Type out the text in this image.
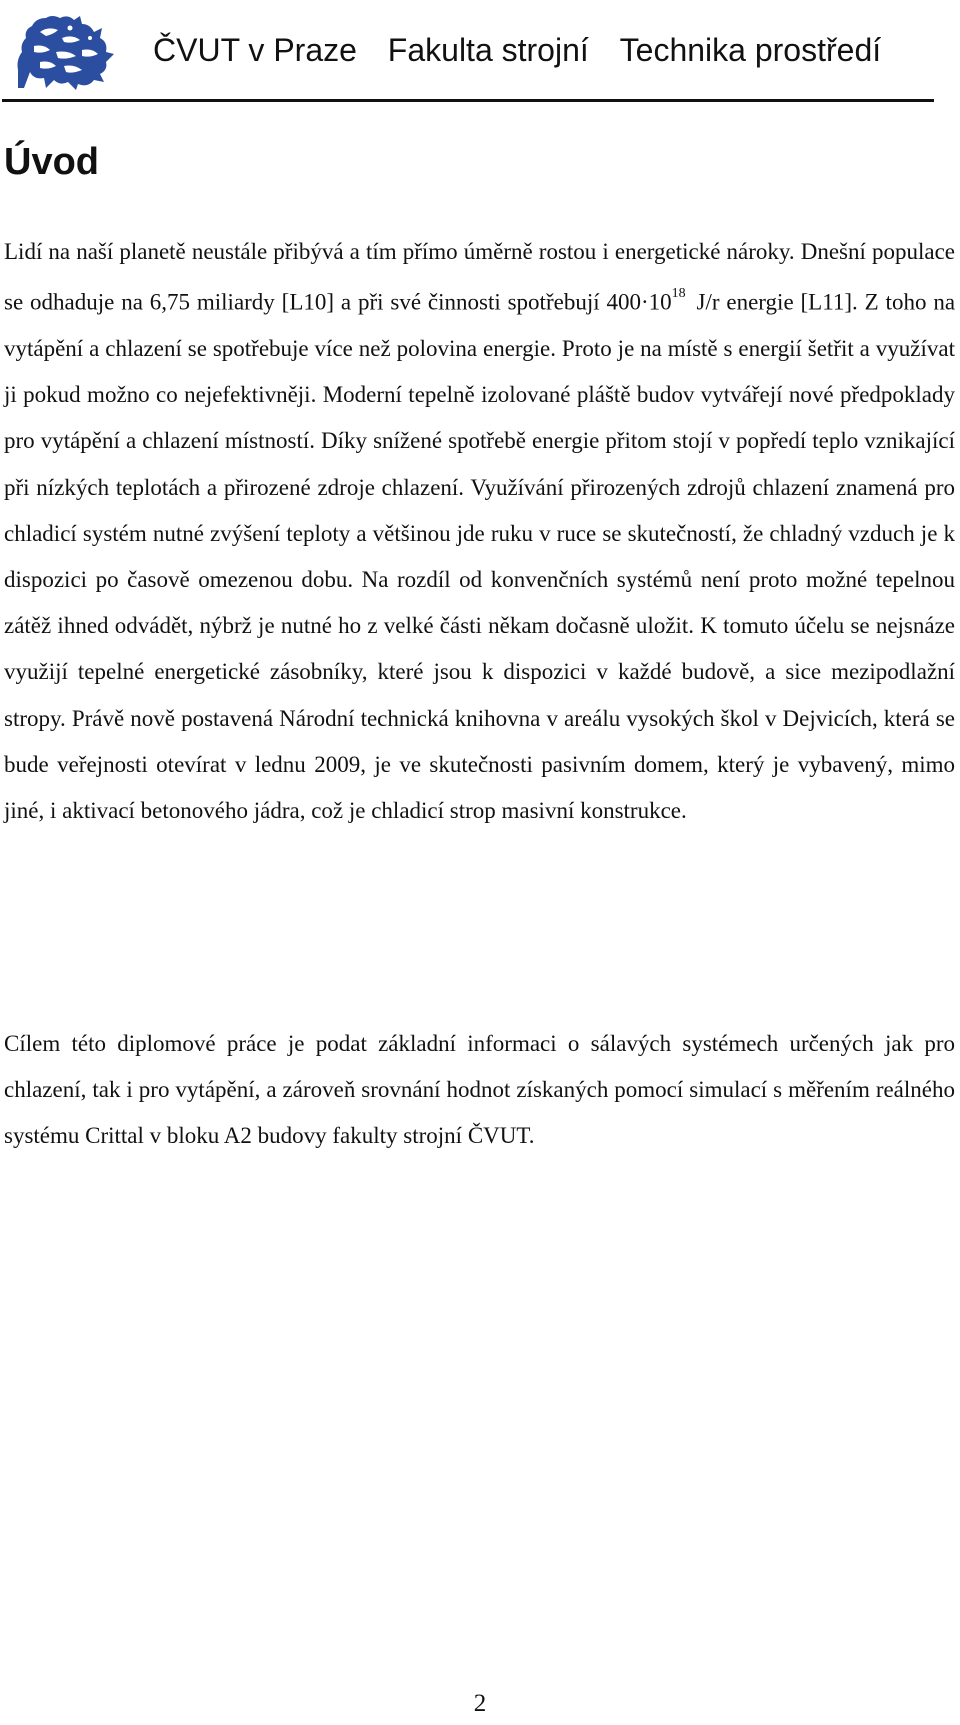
ČVUT v Praze Fakulta strojní Technika prostředí
Úvod

Lidí na naší planetě neustále přibývá a tím přímo úměrně rostou i energetické nároky. Dnešní populace se odhaduje na 6,75 miliardy [L10] a při své činnosti spotřebují $400\cdot 10^{18}$ J/r energie [L11]. Z toho na vytápění a chlazení se spotřebuje více než polovina energie. Proto je na místě s energií šetřit a využívat ji pokud možno co nejefektivněji. Moderní tepelně izolované pláště budov vytvářejí nové předpoklady pro vytápění a chlazení místností. Díky snížené spotřebě energie přitom stojí v popředí teplo vznikající při nízkých teplotách a přirozené zdroje chlazení. Využívání přirozených zdrojů chlazení znamená pro chladicí systém nutné zvýšení teploty a většinou jde ruku v ruce se skutečností, že chladný vzduch je k dispozici po časově omezenou dobu. Na rozdíl od konvenčních systémů není proto možné tepelnou zátěž ihned odvádět, nýbrž je nutné ho z velké části někam dočasně uložit. K tomuto účelu se nejsnáze využijí tepelné energetické zásobníky, které jsou k dispozici v každé budově, a sice mezipodlažní stropy. Právě nově postavená Národní technická knihovna v areálu vysokých škol v Dejvicích, která se bude veřejnosti otevírat v lednu 2009, je ve skutečnosti pasivním domem, který je vybavený, mimo jiné, i aktivací betonového jádra, což je chladicí strop masivní konstrukce.

Cílem této diplomové práce je podat základní informaci o sálavých systémech určených jak pro chlazení, tak i pro vytápění, a zároveň srovnání hodnot získaných pomocí simulací s měřením reálného systému Crittal v bloku A2 budovy fakulty strojní ČVUT.

2
